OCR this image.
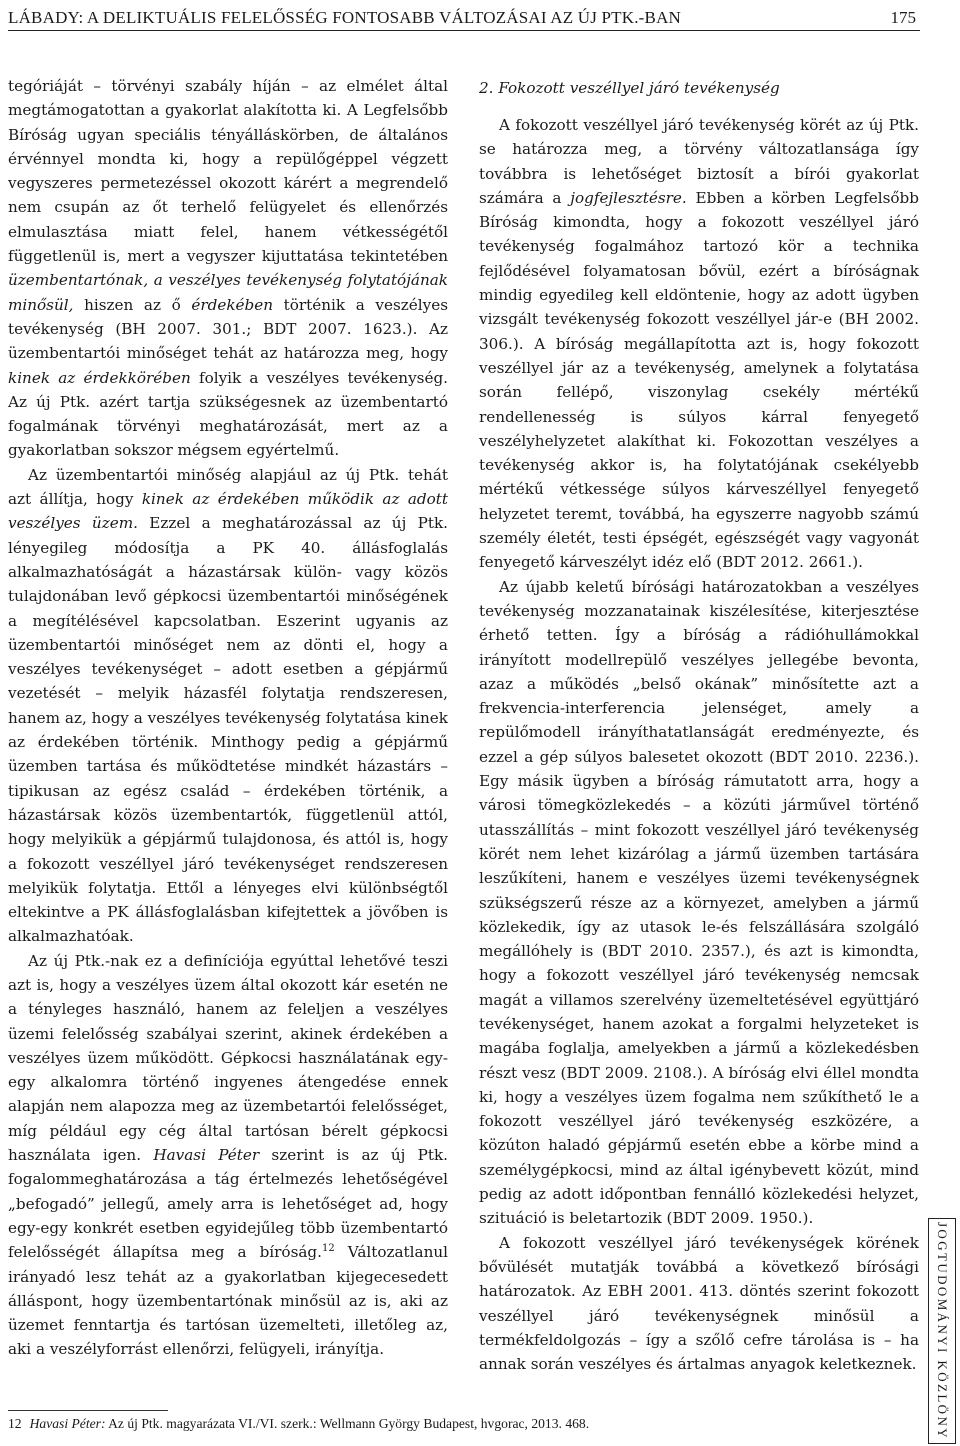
LÁBADY: A DELIKTUÁLIS FELELŐSSÉG FONTOSABB VÁLTOZÁSAI AZ ÚJ PTK.-BAN	175

tegóriáját – törvényi szabály híján – az elmélet által megtámogatottan a gyakorlat alakította ki. A Legfelsőbb Bíróság ugyan speciális tényálláskörben, de általános érvénnyel mondta ki, hogy a repülőgéppel végzett vegyszeres permetezéssel okozott kárért a megrendelő nem csupán az őt terhelő felügyelet és ellenőrzés elmulasztása miatt felel, hanem vétkességétől függetlenül is, mert a vegyszer kijuttatása tekintetében üzembentartónak, a veszélyes tevékenység folytatójának minősül, hiszen az ő érdekében történik a veszélyes tevékenység (BH 2007. 301.; BDT 2007. 1623.). Az üzembentartói minőséget tehát az határozza meg, hogy kinek az érdekkörében folyik a veszélyes tevékenység. Az új Ptk. azért tartja szükségesnek az üzembentartó fogalmának törvényi meghatározását, mert az a gyakorlatban sokszor mégsem egyértelmű.

Az üzembentartói minőség alapjául az új Ptk. tehát azt állítja, hogy kinek az érdekében működik az adott veszélyes üzem. Ezzel a meghatározással az új Ptk. lényegileg módosítja a PK 40. állásfoglalás alkalmazhatóságát a házastársak külön- vagy közös tulajdonában levő gépkocsi üzembentartói minőségének a megítélésével kapcsolatban. Eszerint ugyanis az üzembentartói minőséget nem az dönti el, hogy a veszélyes tevékenységet – adott esetben a gépjármű vezetését – melyik házasfél folytatja rendszeresen, hanem az, hogy a veszélyes tevékenység folytatása kinek az érdekében történik. Minthogy pedig a gépjármű üzemben tartása és működtetése mindkét házastárs – tipikusan az egész család – érdekében történik, a házastársak közös üzembentartók, függetlenül attól, hogy melyikük a gépjármű tulajdonosa, és attól is, hogy a fokozott veszéllyel járó tevékenységet rendszeresen melyikük folytatja. Ettől a lényeges elvi különbségtől eltekintve a PK állásfoglalásban kifejtettek a jövőben is alkalmazhatóak.

Az új Ptk.-nak ez a definíciója egyúttal lehetővé teszi azt is, hogy a veszélyes üzem által okozott kár esetén ne a tényleges használó, hanem az feleljen a veszélyes üzemi felelősség szabályai szerint, akinek érdekében a veszélyes üzem működött. Gépkocsi használatának egy-egy alkalomra történő ingyenes átengedése ennek alapján nem alapozza meg az üzembetartói felelősséget, míg például egy cég által tartósan bérelt gépkocsi használata igen. Havasi Péter szerint is az új Ptk. fogalommeghatározása a tág értelmezés lehetőségével „befogadó” jellegű, amely arra is lehetőséget ad, hogy egy-egy konkrét esetben egyidejűleg több üzembentartó felelősségét állapítsa meg a bíróság.$^{12}$ Változatlanul irányadó lesz tehát az a gyakorlatban kijegecesedett álláspont, hogy üzembentartónak minősül az is, aki az üzemet fenntartja és tartósan üzemelteti, illetőleg az, aki a veszélyforrást ellenőrzi, felügyeli, irányítja.

2. Fokozott veszéllyel járó tevékenység

A fokozott veszéllyel járó tevékenység körét az új Ptk. se határozza meg, a törvény változatlansága így továbbra is lehetőséget biztosít a bírói gyakorlat számára a jogfejlesztésre. Ebben a körben Legfelsőbb Bíróság kimondta, hogy a fokozott veszéllyel járó tevékenység fogalmához tartozó kör a technika fejlődésével folyamatosan bővül, ezért a bíróságnak mindig egyedileg kell eldöntenie, hogy az adott ügyben vizsgált tevékenység fokozott veszéllyel jár-e (BH 2002. 306.). A bíróság megállapította azt is, hogy fokozott veszéllyel jár az a tevékenység, amelynek a folytatása során fellépő, viszonylag csekély mértékű rendellenesség is súlyos kárral fenyegető veszélyhelyzetet alakíthat ki. Fokozottan veszélyes a tevékenység akkor is, ha folytatójának csekélyebb mértékű vétkessége súlyos kárveszéllyel fenyegető helyzetet teremt, továbbá, ha egyszerre nagyobb számú személy életét, testi épségét, egészségét vagy vagyonát fenyegető kárveszélyt idéz elő (BDT 2012. 2661.).

Az újabb keletű bírósági határozatokban a veszélyes tevékenység mozzanatainak kiszélesítése, kiterjesztése érhető tetten. Így a bíróság a rádióhullámokkal irányított modellrepülő veszélyes jellegébe bevonta, azaz a működés „belső okának” minősítette azt a frekvencia-interferencia jelenséget, amely a repülőmodell irányíthatatlanságát eredményezte, és ezzel a gép súlyos balesetet okozott (BDT 2010. 2236.). Egy másik ügyben a bíróság rámutatott arra, hogy a városi tömegközlekedés – a közúti járművel történő utasszállítás – mint fokozott veszéllyel járó tevékenység körét nem lehet kizárólag a jármű üzemben tartására leszűkíteni, hanem e veszélyes üzemi tevékenységnek szükségszerű része az a környezet, amelyben a jármű közlekedik, így az utasok le-és felszállására szolgáló megállóhely is (BDT 2010. 2357.), és azt is kimondta, hogy a fokozott veszéllyel járó tevékenység nemcsak magát a villamos szerelvény üzemeltetésével együttjáró tevékenységet, hanem azokat a forgalmi helyzeteket is magába foglalja, amelyekben a jármű a közlekedésben részt vesz (BDT 2009. 2108.). A bíróság elvi éllel mondta ki, hogy a veszélyes üzem fogalma nem szűkíthető le a fokozott veszéllyel járó tevékenység eszközére, a közúton haladó gépjármű esetén ebbe a körbe mind a személygépkocsi, mind az által igénybevett közút, mind pedig az adott időpontban fennálló közlekedési helyzet, szituáció is beletartozik (BDT 2009. 1950.).

A fokozott veszéllyel járó tevékenységek körének bővülését mutatják továbbá a következő bírósági határozatok. Az EBH 2001. 413. döntés szerint fokozott veszéllyel járó tevékenységnek minősül a termékfeldolgozás – így a szőlő cefre tárolása is – ha annak során veszélyes és ártalmas anyagok keletkeznek.

12 Havasi Péter: Az új Ptk. magyarázata VI./VI. szerk.: Wellmann György Budapest, hvgorac, 2013. 468.	JOGTUDOMÁNYI KÖZLÖNY
